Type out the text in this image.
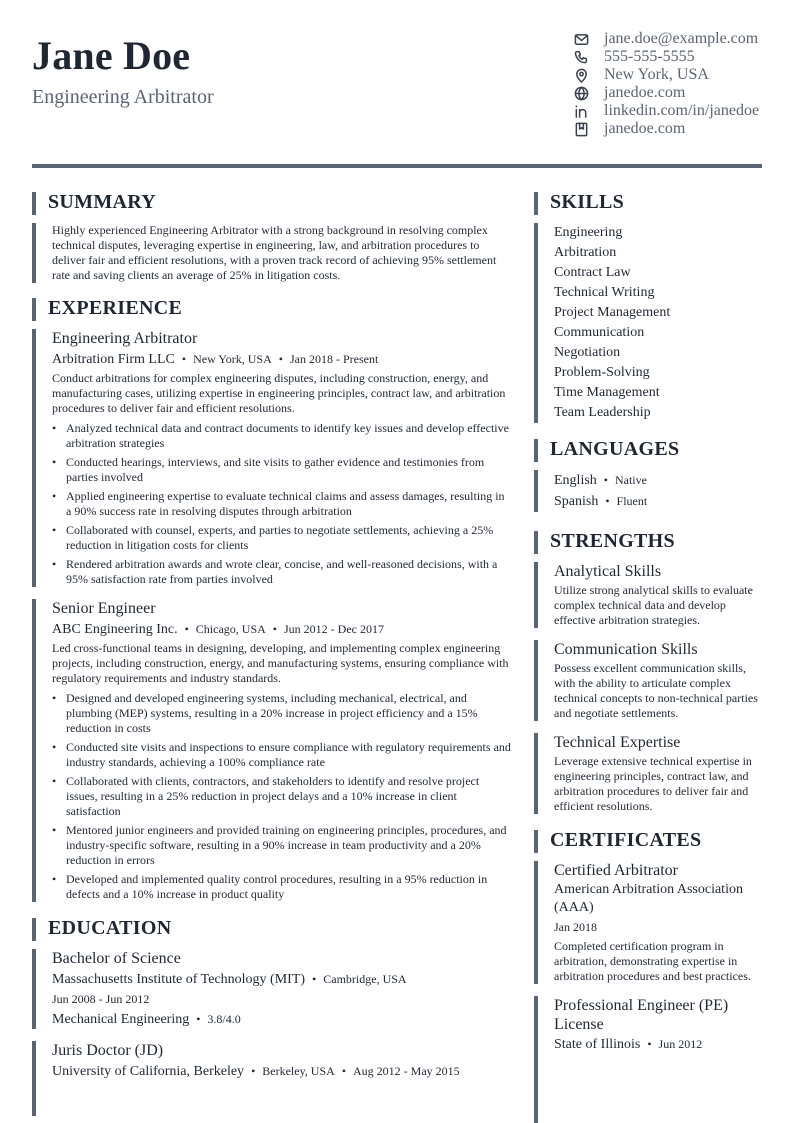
Jane Doe
Engineering Arbitrator
jane.doe@example.com
555-555-5555
New York, USA
janedoe.com
linkedin.com/in/janedoe
janedoe.com
SUMMARY
Highly experienced Engineering Arbitrator with a strong background in resolving complex technical disputes, leveraging expertise in engineering, law, and arbitration procedures to deliver fair and efficient resolutions, with a proven track record of achieving 95% settlement rate and saving clients an average of 25% in litigation costs.
EXPERIENCE
Engineering Arbitrator
Arbitration Firm LLC • New York, USA • Jan 2018 - Present
Conduct arbitrations for complex engineering disputes, including construction, energy, and manufacturing cases, utilizing expertise in engineering principles, contract law, and arbitration procedures to deliver fair and efficient resolutions.
• Analyzed technical data and contract documents to identify key issues and develop effective arbitration strategies
• Conducted hearings, interviews, and site visits to gather evidence and testimonies from parties involved
• Applied engineering expertise to evaluate technical claims and assess damages, resulting in a 90% success rate in resolving disputes through arbitration
• Collaborated with counsel, experts, and parties to negotiate settlements, achieving a 25% reduction in litigation costs for clients
• Rendered arbitration awards and wrote clear, concise, and well-reasoned decisions, with a 95% satisfaction rate from parties involved
Senior Engineer
ABC Engineering Inc. • Chicago, USA • Jun 2012 - Dec 2017
Led cross-functional teams in designing, developing, and implementing complex engineering projects, including construction, energy, and manufacturing systems, ensuring compliance with regulatory requirements and industry standards.
• Designed and developed engineering systems, including mechanical, electrical, and plumbing (MEP) systems, resulting in a 20% increase in project efficiency and a 15% reduction in costs
• Conducted site visits and inspections to ensure compliance with regulatory requirements and industry standards, achieving a 100% compliance rate
• Collaborated with clients, contractors, and stakeholders to identify and resolve project issues, resulting in a 25% reduction in project delays and a 10% increase in client satisfaction
• Mentored junior engineers and provided training on engineering principles, procedures, and industry-specific software, resulting in a 90% increase in team productivity and a 20% reduction in errors
• Developed and implemented quality control procedures, resulting in a 95% reduction in defects and a 10% increase in product quality
EDUCATION
Bachelor of Science
Massachusetts Institute of Technology (MIT) • Cambridge, USA
Jun 2008 - Jun 2012
Mechanical Engineering • 3.8/4.0
Juris Doctor (JD)
University of California, Berkeley • Berkeley, USA • Aug 2012 - May 2015
SKILLS
Engineering
Arbitration
Contract Law
Technical Writing
Project Management
Communication
Negotiation
Problem-Solving
Time Management
Team Leadership
LANGUAGES
English • Native
Spanish • Fluent
STRENGTHS
Analytical Skills
Utilize strong analytical skills to evaluate complex technical data and develop effective arbitration strategies.
Communication Skills
Possess excellent communication skills, with the ability to articulate complex technical concepts to non-technical parties and negotiate settlements.
Technical Expertise
Leverage extensive technical expertise in engineering principles, contract law, and arbitration procedures to deliver fair and efficient resolutions.
CERTIFICATES
Certified Arbitrator
American Arbitration Association (AAA)
Jan 2018
Completed certification program in arbitration, demonstrating expertise in arbitration procedures and best practices.
Professional Engineer (PE) License
State of Illinois • Jun 2012
